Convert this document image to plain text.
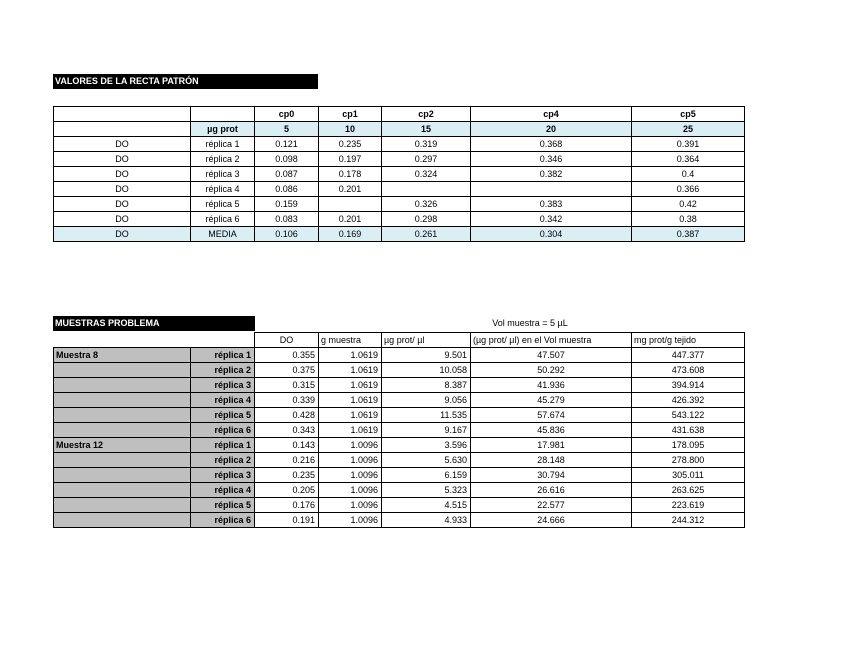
VALORES DE LA RECTA PATRÓN
		cp0	cp1	cp2	cp4	cp5
	µg prot	5	10	15	20	25
DO	réplica 1	0.121	0.235	0.319	0.368	0.391
DO	réplica 2	0.098	0.197	0.297	0.346	0.364
DO	réplica 3	0.087	0.178	0.324	0.382	0.4
DO	réplica 4	0.086	0.201			0.366
DO	réplica 5	0.159		0.326	0.383	0.42
DO	réplica 6	0.083	0.201	0.298	0.342	0.38
DO	MEDIA	0.106	0.169	0.261	0.304	0.387
MUESTRAS PROBLEMA	Vol muestra = 5 µL
		DO	g muestra	µg prot/ µl	(µg prot/ µl) en el Vol muestra	mg prot/g tejido
Muestra 8	réplica 1	0.355	1.0619	9.501	47.507	447.377
	réplica 2	0.375	1.0619	10.058	50.292	473.608
	réplica 3	0.315	1.0619	8.387	41.936	394.914
	réplica 4	0.339	1.0619	9.056	45.279	426.392
	réplica 5	0.428	1.0619	11.535	57.674	543.122
	réplica 6	0.343	1.0619	9.167	45.836	431.638
Muestra 12	réplica 1	0.143	1.0096	3.596	17.981	178.095
	réplica 2	0.216	1.0096	5.630	28.148	278.800
	réplica 3	0.235	1.0096	6.159	30.794	305.011
	réplica 4	0.205	1.0096	5.323	26.616	263.625
	réplica 5	0.176	1.0096	4.515	22.577	223.619
	réplica 6	0.191	1.0096	4.933	24.666	244.312
